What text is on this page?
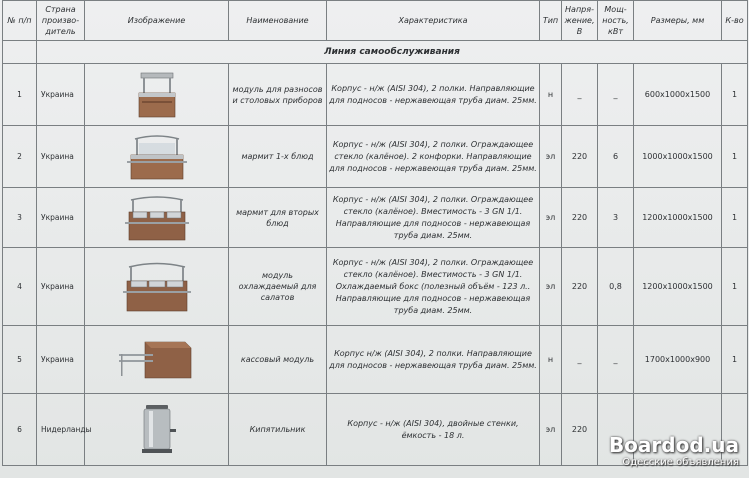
№ п/п	Страна произво-дитель	Изображение	Наименование	Характеристика	Тип	Напря-жение, В	Мощ-ность, кВт	Размеры, мм	К-во
	Линия самообслуживания								
1	Украина		модуль для разносов и столовых приборов	Корпус - н/ж (AISI 304), 2 полки. Направляющие для подносов - нержавеющая труба диам. 25мм.	н	_	_	600х1000х1500	1
2	Украина		мармит 1-х блюд	Корпус - н/ж (AISI 304), 2 полки. Ограждающее стекло (калёное). 2 конфорки. Направляющие для подносов - нержавеющая труба диам. 25мм.	эл	220	6	1000х1000х1500	1
3	Украина		мармит для вторых блюд	Корпус - н/ж (AISI 304), 2 полки. Ограждающее стекло (калёное). Вместимость - 3 GN 1/1. Направляющие для подносов - нержавеющая труба диам. 25мм.	эл	220	3	1200х1000х1500	1
4	Украина		модуль охлаждаемый для салатов	Корпус - н/ж (AISI 304), 2 полки. Ограждающее стекло (калёное). Вместимость - 3 GN 1/1. Охлаждаемый бокс (полезный объём - 123 л.. Направляющие для подносов - нержавеющая труба диам. 25мм.	эл	220	0,8	1200х1000х1500	1
5	Украина		кассовый модуль	Корпус н/ж (AISI 304), 2 полки. Направляющие для подносов - нержавеющая труба диам. 25мм.	н	_	_	1700х1000х900	1
6	Нидерланды		Кипятильник	Корпус - н/ж (AISI 304), двойные стенки, ёмкость - 18 л.	эл	220			
Boardod.ua
Одесские объявления
